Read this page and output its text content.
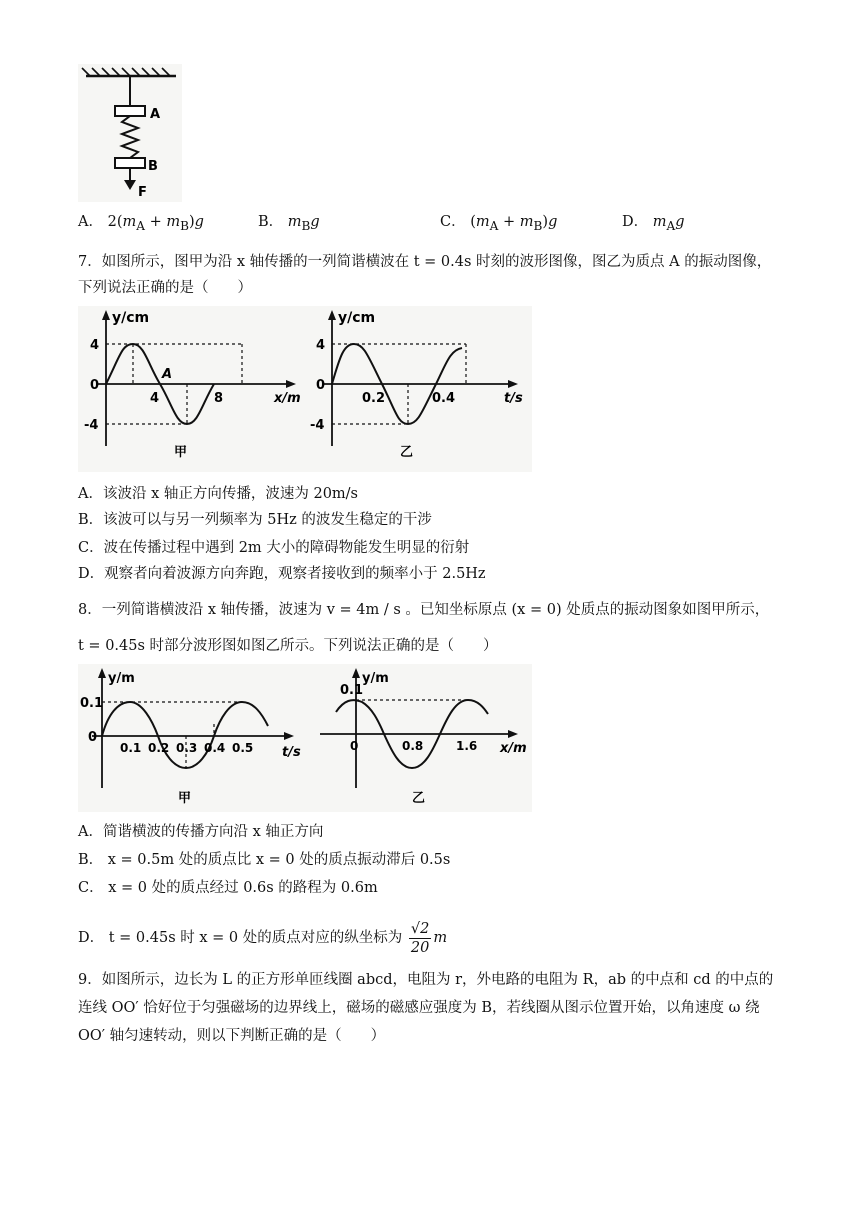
A
B
F
A． $2(m_A + m_B)g$	B． $m_Bg$	C． $(m_A + m_B)g$	D． $m_Ag$
7．如图所示，图甲为沿 x 轴传播的一列简谐横波在 t = 0.4s 时刻的波形图像，图乙为质点 A 的振动图像，
下列说法正确的是（　　）
y/cm
x/m
4
0
-4
4	8
A
甲
y/cm
t/s
4
0
-4
0.2	0.4
乙
A．该波沿 x 轴正方向传播，波速为 20m/s
B．该波可以与另一列频率为 5Hz 的波发生稳定的干涉
C．波在传播过程中遇到 2m 大小的障碍物能发生明显的衍射
D．观察者向着波源方向奔跑，观察者接收到的频率小于 2.5Hz
8．一列简谐横波沿 x 轴传播，波速为 v = 4m / s 。已知坐标原点 (x = 0) 处质点的振动图象如图甲所示，
t = 0.45s 时部分波形图如图乙所示。下列说法正确的是（　　）
y/m
t/s
0.1
0
0.1 0.2 0.3 0.4 0.5
甲
y/m
x/m
0.1
0	0.8	1.6
乙
A．简谐横波的传播方向沿 x 轴正方向
B． x = 0.5m 处的质点比 x = 0 处的质点振动滞后 0.5s
C． x = 0 处的质点经过 0.6s 的路程为 0.6m
D． t = 0.45s 时 x = 0 处的质点对应的纵坐标为 $\frac{√2}{20}$ m
9．如图所示，边长为 L 的正方形单匝线圈 abcd，电阻为 r，外电路的电阻为 R，ab 的中点和 cd 的中点的
连线 OO′ 恰好位于匀强磁场的边界线上，磁场的磁感应强度为 B，若线圈从图示位置开始，以角速度 ω 绕
OO′ 轴匀速转动，则以下判断正确的是（　　）
